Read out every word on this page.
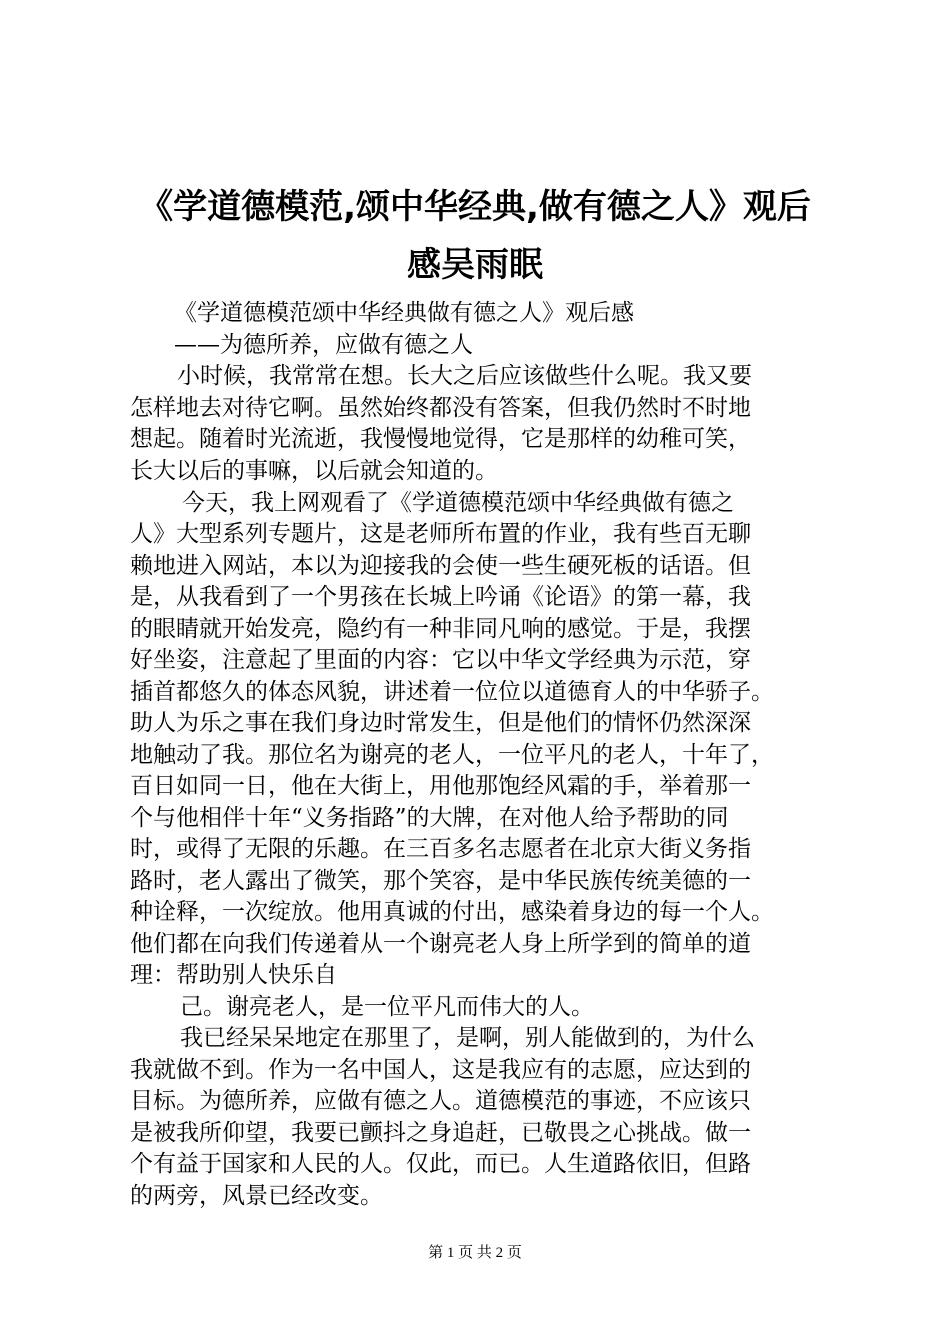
《学道德模范,颂中华经典,做有德之人》观后
感吴雨眠
《学道德模范颂中华经典做有德之人》观后感
——为德所养，应做有德之人
小时候，我常常在想。长大之后应该做些什么呢。我又要
怎样地去对待它啊。虽然始终都没有答案，但我仍然时不时地
想起。随着时光流逝，我慢慢地觉得，它是那样的幼稚可笑，
长大以后的事嘛，以后就会知道的。
今天，我上网观看了《学道德模范颂中华经典做有德之
人》大型系列专题片，这是老师所布置的作业，我有些百无聊
赖地进入网站，本以为迎接我的会使一些生硬死板的话语。但
是，从我看到了一个男孩在长城上吟诵《论语》的第一幕，我
的眼睛就开始发亮，隐约有一种非同凡响的感觉。于是，我摆
好坐姿，注意起了里面的内容：它以中华文学经典为示范，穿
插首都悠久的体态风貌，讲述着一位位以道德育人的中华骄子。
助人为乐之事在我们身边时常发生，但是他们的情怀仍然深深
地触动了我。那位名为谢亮的老人，一位平凡的老人，十年了，
百日如同一日，他在大街上，用他那饱经风霜的手，举着那一
个与他相伴十年“义务指路”的大牌，在对他人给予帮助的同
时，或得了无限的乐趣。在三百多名志愿者在北京大街义务指
路时，老人露出了微笑，那个笑容，是中华民族传统美德的一
种诠释，一次绽放。他用真诚的付出，感染着身边的每一个人。
他们都在向我们传递着从一个谢亮老人身上所学到的简单的道
理：帮助别人快乐自
己。谢亮老人，是一位平凡而伟大的人。
我已经呆呆地定在那里了，是啊，别人能做到的，为什么
我就做不到。作为一名中国人，这是我应有的志愿，应达到的
目标。为德所养，应做有德之人。道德模范的事迹，不应该只
是被我所仰望，我要已颤抖之身追赶，已敬畏之心挑战。做一
个有益于国家和人民的人。仅此，而已。人生道路依旧，但路
的两旁，风景已经改变。
第 1 页 共 2 页
